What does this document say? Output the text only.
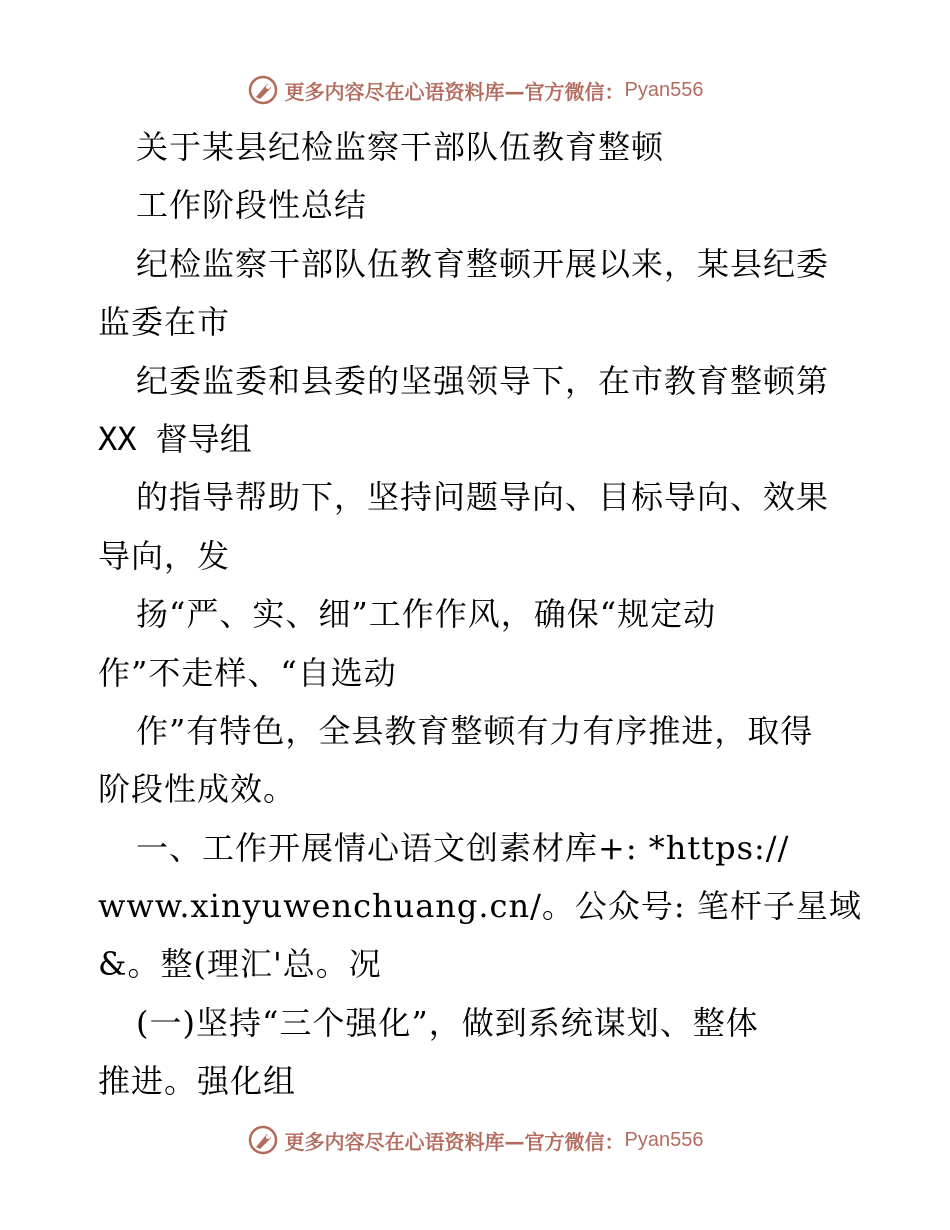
更多内容尽在心语资料库—官方微信： Pyan556
关于某县纪检监察干部队伍教育整顿
工作阶段性总结
纪检监察干部队伍教育整顿开展以来，某县纪委
监委在市
纪委监委和县委的坚强领导下，在市教育整顿第
XX 督导组
的指导帮助下，坚持问题导向、目标导向、效果
导向，发
扬“严、实、细”工作作风，确保“规定动
作”不走样、“自选动
作”有特色，全县教育整顿有力有序推进，取得
阶段性成效。
一、工作开展情心语文创素材库+: *https://
www.xinyuwenchuang.cn/。公众号: 笔杆子星域
&。整(理汇'总。况
(一)坚持“三个强化”，做到系统谋划、整体
推进。强化组
更多内容尽在心语资料库—官方微信： Pyan556
